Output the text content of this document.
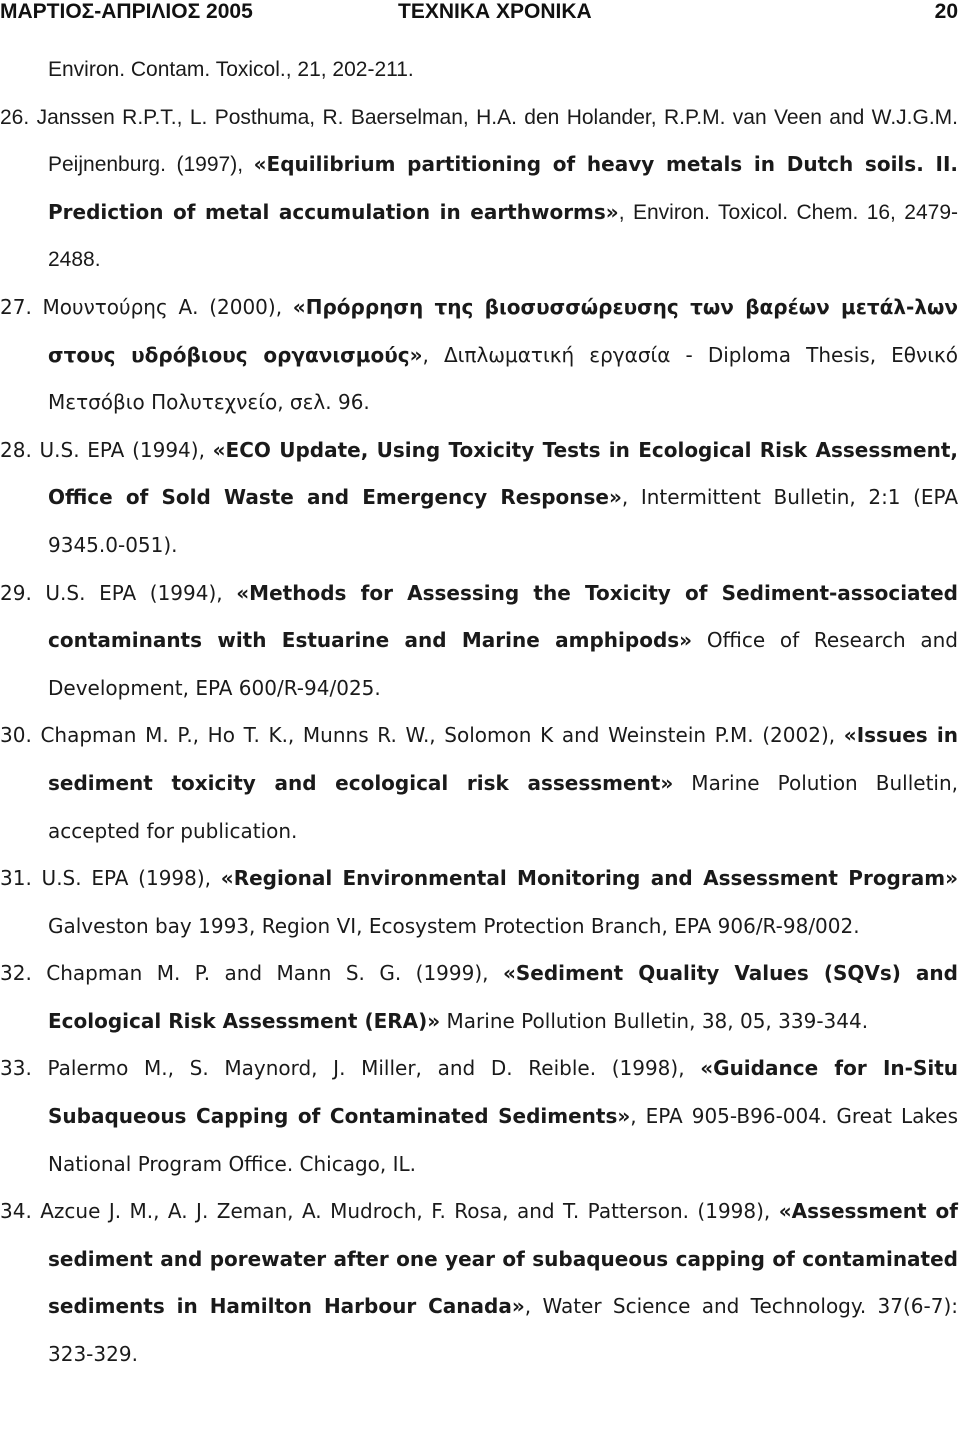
ΜΑΡΤΙΟΣ-ΑΠΡΙΛΙΟΣ 2005	ΤΕΧΝΙΚΑ ΧΡΟΝΙΚΑ	20

Environ. Contam. Toxicol., 21, 202-211.

26. Janssen R.P.T., L. Posthuma, R. Baerselman, H.A. den Holander, R.P.M. van Veen and W.J.G.M. Peijnenburg. (1997), «Equilibrium partitioning of heavy metals in Dutch soils. II. Prediction of metal accumulation in earthworms», Environ. Toxicol. Chem. 16, 2479-2488.

27. Μουντούρης Α. (2000), «Πρόρρηση της βιοσυσσώρευσης των βαρέων μετάλ-λων στους υδρόβιους οργανισμούς», Διπλωματική εργασία - Diploma Thesis, Εθνικό Μετσόβιο Πολυτεχνείο, σελ. 96.

28. U.S. EPA (1994), «ECO Update, Using Toxicity Tests in Ecological Risk Assessment, Office of Sold Waste and Emergency Response», Intermittent Bulletin, 2:1 (EPA 9345.0-051).

29. U.S. EPA (1994), «Methods for Assessing the Toxicity of Sediment-associated contaminants with Estuarine and Marine amphipods» Office of Research and Development, EPA 600/R-94/025.

30. Chapman M. P., Ho T. K., Munns R. W., Solomon K and Weinstein P.M. (2002), «Issues in sediment toxicity and ecological risk assessment» Marine Polution Bulletin, accepted for publication.

31. U.S. EPA (1998), «Regional Environmental Monitoring and Assessment Program» Galveston bay 1993, Region VI, Ecosystem Protection Branch, EPA 906/R-98/002.

32. Chapman M. P. and Mann S. G. (1999), «Sediment Quality Values (SQVs) and Ecological Risk Assessment (ERA)» Marine Pollution Bulletin, 38, 05, 339-344.

33. Palermo M., S. Maynord, J. Miller, and D. Reible. (1998), «Guidance for In-Situ Subaqueous Capping of Contaminated Sediments», EPA 905-B96-004. Great Lakes National Program Office. Chicago, IL.

34. Azcue J. M., A. J. Zeman, A. Mudroch, F. Rosa, and T. Patterson. (1998), «Assessment of sediment and porewater after one year of subaqueous capping of contaminated sediments in Hamilton Harbour Canada», Water Science and Technology. 37(6-7): 323-329.
